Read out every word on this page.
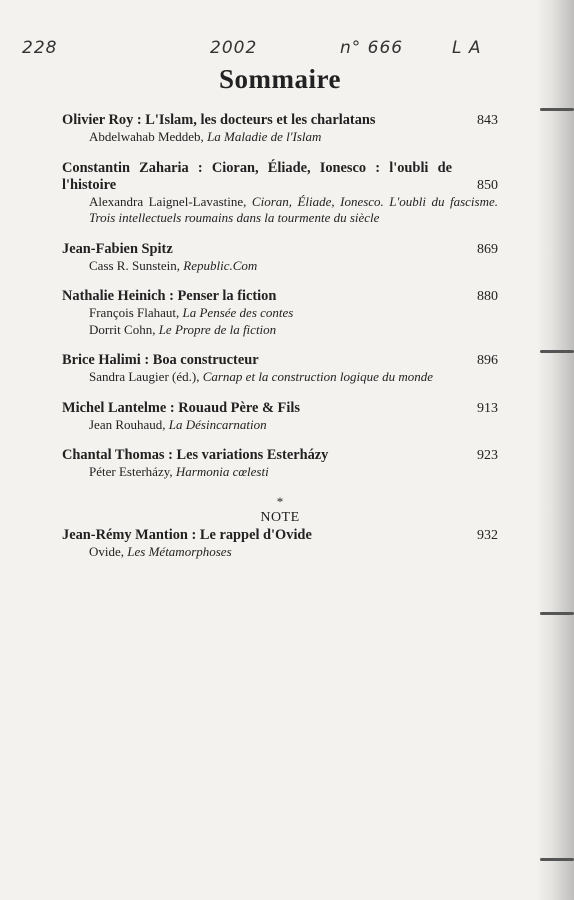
228	2002	n° 666	L A
Sommaire
Olivier Roy : L'Islam, les docteurs et les charlatans	843
Abdelwahab Meddeb, La Maladie de l'Islam
Constantin Zaharia : Cioran, Éliade, Ionesco : l'oubli de l'histoire	850
Alexandra Laignel-Lavastine, Cioran, Éliade, Ionesco. L'oubli du fascisme. Trois intellectuels roumains dans la tourmente du siècle
Jean-Fabien Spitz	869
Cass R. Sunstein, Republic.Com
Nathalie Heinich : Penser la fiction	880
François Flahaut, La Pensée des contes
Dorrit Cohn, Le Propre de la fiction
Brice Halimi : Boa constructeur	896
Sandra Laugier (éd.), Carnap et la construction logique du monde
Michel Lantelme : Rouaud Père & Fils	913
Jean Rouhaud, La Désincarnation
Chantal Thomas : Les variations Esterházy	923
Péter Esterházy, Harmonia cœlesti
*
NOTE
Jean-Rémy Mantion : Le rappel d'Ovide	932
Ovide, Les Métamorphoses
